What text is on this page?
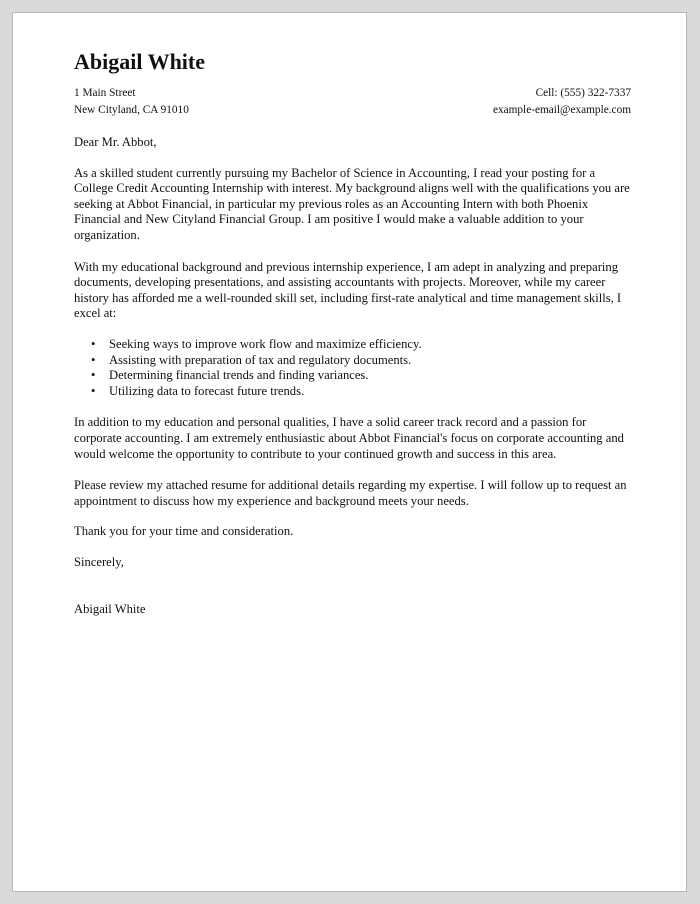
Abigail White
1 Main Street	Cell: (555) 322-7337
New Cityland, CA 91010	example-email@example.com

Dear Mr. Abbot,

As a skilled student currently pursuing my Bachelor of Science in Accounting, I read your posting for a College Credit Accounting Internship with interest. My background aligns well with the qualifications you are seeking at Abbot Financial, in particular my previous roles as an Accounting Intern with both Phoenix Financial and New Cityland Financial Group. I am positive I would make a valuable addition to your organization.

With my educational background and previous internship experience, I am adept in analyzing and preparing documents, developing presentations, and assisting accountants with projects. Moreover, while my career history has afforded me a well-rounded skill set, including first-rate analytical and time management skills, I excel at:

• Seeking ways to improve work flow and maximize efficiency.
• Assisting with preparation of tax and regulatory documents.
• Determining financial trends and finding variances.
• Utilizing data to forecast future trends.

In addition to my education and personal qualities, I have a solid career track record and a passion for corporate accounting. I am extremely enthusiastic about Abbot Financial's focus on corporate accounting and would welcome the opportunity to contribute to your continued growth and success in this area.

Please review my attached resume for additional details regarding my expertise. I will follow up to request an appointment to discuss how my experience and background meets your needs.

Thank you for your time and consideration.

Sincerely,

Abigail White
